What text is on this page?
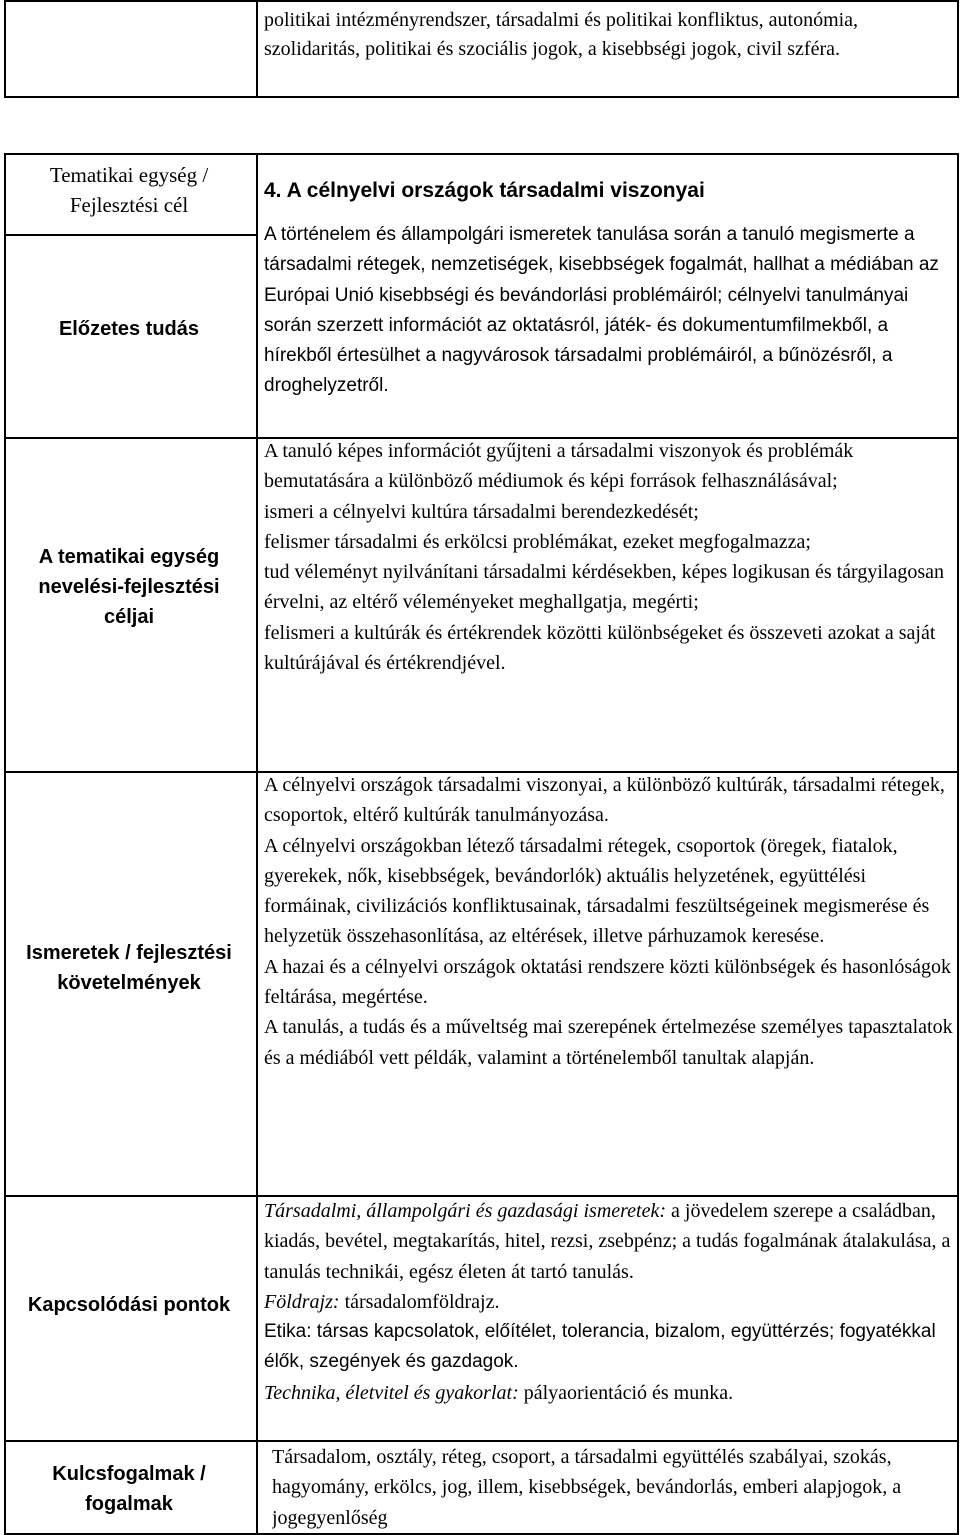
politikai intézményrendszer, társadalmi és politikai konfliktus, autonómia, szolidaritás, politikai és szociális jogok, a kisebbségi jogok, civil szféra.
Tematikai egység / Fejlesztési cél
Előzetes tudás
A tematikai egység nevelési-fejlesztési céljai
Ismeretek / fejlesztési követelmények
Kapcsolódási pontok
Kulcsfogalmak / fogalmak

4. A célnyelvi országok társadalmi viszonyai

A történelem és állampolgári ismeretek tanulása során a tanuló megismerte a társadalmi rétegek, nemzetiségek, kisebbségek fogalmát, hallhat a médiában az Európai Unió kisebbségi és bevándorlási problémáiról; célnyelvi tanulmányai során szerzett információt az oktatásról, játék- és dokumentumfilmekből, a hírekből értesülhet a nagyvárosok társadalmi problémáiról, a bűnözésről, a droghelyzetről.

A tanuló képes információt gyűjteni a társadalmi viszonyok és problémák bemutatására a különböző médiumok és képi források felhasználásával;

ismeri a célnyelvi kultúra társadalmi berendezkedését;

felismer társadalmi és erkölcsi problémákat, ezeket megfogalmazza;

tud véleményt nyilvánítani társadalmi kérdésekben, képes logikusan és tárgyilagosan érvelni, az eltérő véleményeket meghallgatja, megérti;

felismeri a kultúrák és értékrendek közötti különbségeket és összeveti azokat a saját kultúrájával és értékrendjével.

A célnyelvi országok társadalmi viszonyai, a különböző kultúrák, társadalmi rétegek, csoportok, eltérő kultúrák tanulmányozása.

A célnyelvi országokban létező társadalmi rétegek, csoportok (öregek, fiatalok, gyerekek, nők, kisebbségek, bevándorlók) aktuális helyzetének, együttélési formáinak, civilizációs konfliktusainak, társadalmi feszültségeinek megismerése és helyzetük összehasonlítása, az eltérések, illetve párhuzamok keresése.

A hazai és a célnyelvi országok oktatási rendszere közti különbségek és hasonlóságok feltárása, megértése.

A tanulás, a tudás és a műveltség mai szerepének értelmezése személyes tapasztalatok és a médiából vett példák, valamint a történelemből tanultak alapján.

Társadalmi, állampolgári és gazdasági ismeretek: a jövedelem szerepe a családban, kiadás, bevétel, megtakarítás, hitel, rezsi, zsebpénz; a tudás fogalmának átalakulása, a tanulás technikái, egész életen át tartó tanulás.

Földrajz: társadalomföldrajz.

Etika: társas kapcsolatok, előítélet, tolerancia, bizalom, együttérzés; fogyatékkal élők, szegények és gazdagok.

Technika, életvitel és gyakorlat: pályaorientáció és munka.

Társadalom, osztály, réteg, csoport, a társadalmi együttélés szabályai, szokás, hagyomány, erkölcs, jog, illem, kisebbségek, bevándorlás, emberi alapjogok, a jogegyenlőség
